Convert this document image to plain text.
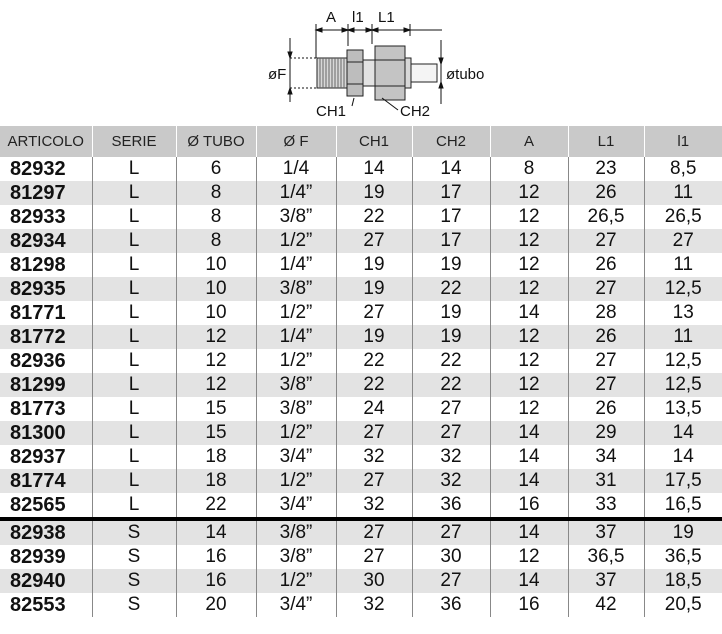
A l1 L1
øF	øtubo
CH1	CH2
ARTICOLO	SERIE	Ø TUBO	Ø F	CH1	CH2	A	L1	l1
82932	L	6	1/4	14	14	8	23	8,5
81297	L	8	1/4”	19	17	12	26	11
82933	L	8	3/8”	22	17	12	26,5	26,5
82934	L	8	1/2”	27	17	12	27	27
81298	L	10	1/4”	19	19	12	26	11
82935	L	10	3/8”	19	22	12	27	12,5
81771	L	10	1/2”	27	19	14	28	13
81772	L	12	1/4”	19	19	12	26	11
82936	L	12	1/2”	22	22	12	27	12,5
81299	L	12	3/8”	22	22	12	27	12,5
81773	L	15	3/8”	24	27	12	26	13,5
81300	L	15	1/2”	27	27	14	29	14
82937	L	18	3/4”	32	32	14	34	14
81774	L	18	1/2”	27	32	14	31	17,5
82565	L	22	3/4”	32	36	16	33	16,5
82938	S	14	3/8”	27	27	14	37	19
82939	S	16	3/8”	27	30	12	36,5	36,5
82940	S	16	1/2”	30	27	14	37	18,5
82553	S	20	3/4”	32	36	16	42	20,5
